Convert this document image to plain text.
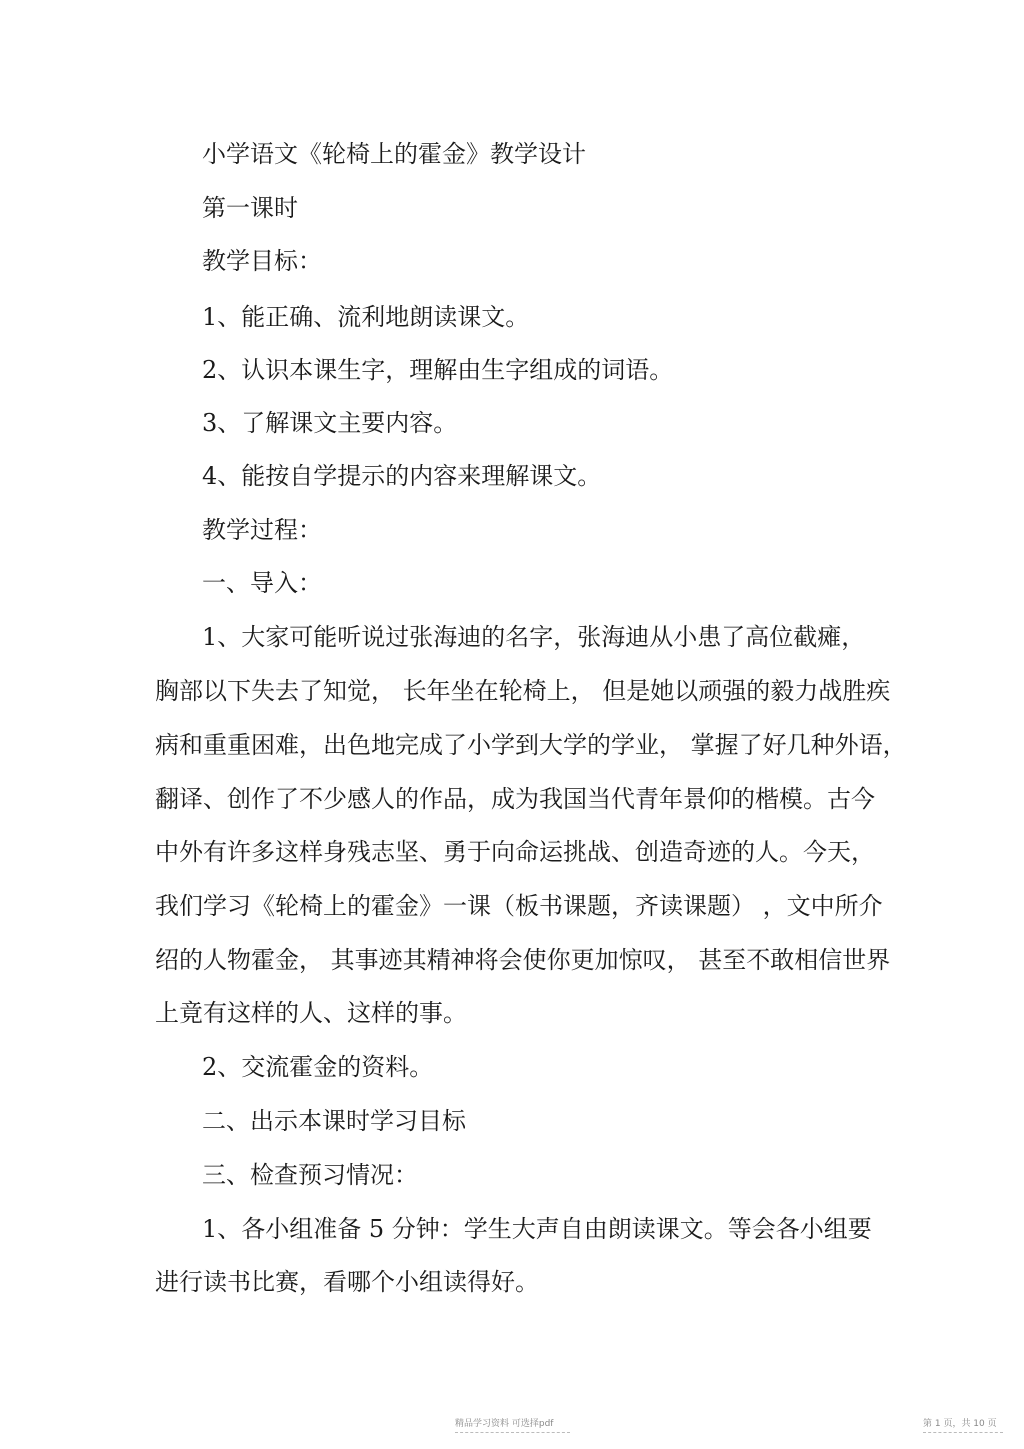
小学语文《轮椅上的霍金》教学设计
第一课时
教学目标：
1、能正确、流利地朗读课文。
2、认识本课生字，理解由生字组成的词语。
3、了解课文主要内容。
4、能按自学提示的内容来理解课文。
教学过程：
一、导入：
1、大家可能听说过张海迪的名字，张海迪从小患了高位截瘫，
胸部以下失去了知觉， 长年坐在轮椅上， 但是她以顽强的毅力战胜疾
病和重重困难，出色地完成了小学到大学的学业， 掌握了好几种外语，
翻译、创作了不少感人的作品，成为我国当代青年景仰的楷模。古今
中外有许多这样身残志坚、勇于向命运挑战、创造奇迹的人。今天，
我们学习《轮椅上的霍金》一课（板书课题，齐读课题） ，文中所介
绍的人物霍金， 其事迹其精神将会使你更加惊叹， 甚至不敢相信世界
上竟有这样的人、这样的事。
2、交流霍金的资料。
二、出示本课时学习目标
三、检查预习情况：
1、各小组准备 5 分钟：学生大声自由朗读课文。等会各小组要
进行读书比赛，看哪个小组读得好。
精品学习资料 可选择pdf	第 1 页，共 10 页
